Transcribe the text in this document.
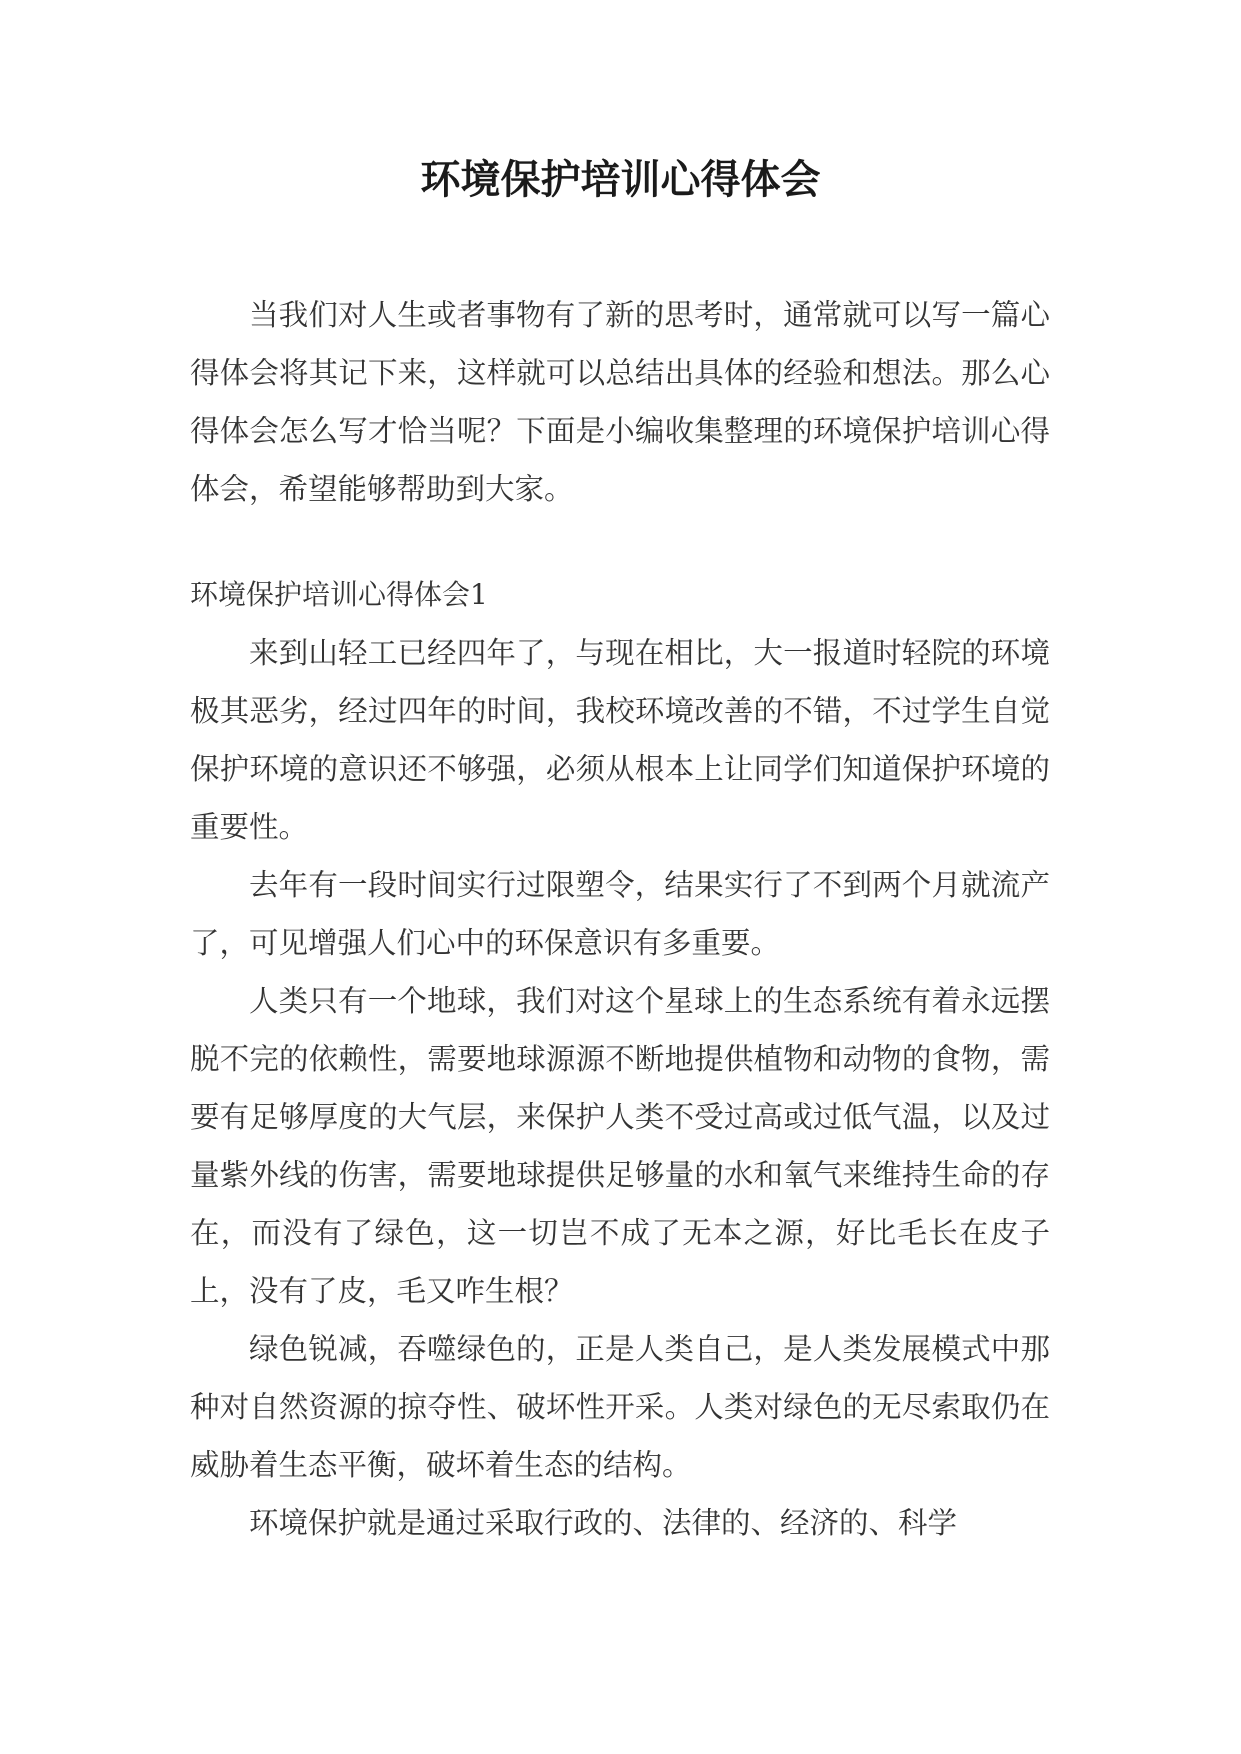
环境保护培训心得体会

当我们对人生或者事物有了新的思考时，通常就可以写一篇心得体会将其记下来，这样就可以总结出具体的经验和想法。那么心得体会怎么写才恰当呢？下面是小编收集整理的环境保护培训心得体会，希望能够帮助到大家。

环境保护培训心得体会1

来到山轻工已经四年了，与现在相比，大一报道时轻院的环境极其恶劣，经过四年的时间，我校环境改善的不错，不过学生自觉保护环境的意识还不够强，必须从根本上让同学们知道保护环境的重要性。

去年有一段时间实行过限塑令，结果实行了不到两个月就流产了，可见增强人们心中的环保意识有多重要。

人类只有一个地球，我们对这个星球上的生态系统有着永远摆脱不完的依赖性，需要地球源源不断地提供植物和动物的食物，需要有足够厚度的大气层，来保护人类不受过高或过低气温，以及过量紫外线的伤害，需要地球提供足够量的水和氧气来维持生命的存在，而没有了绿色，这一切岂不成了无本之源，好比毛长在皮子上，没有了皮，毛又咋生根？

绿色锐减，吞噬绿色的，正是人类自己，是人类发展模式中那种对自然资源的掠夺性、破坏性开采。人类对绿色的无尽索取仍在威胁着生态平衡，破坏着生态的结构。

环境保护就是通过采取行政的、法律的、经济的、科学
